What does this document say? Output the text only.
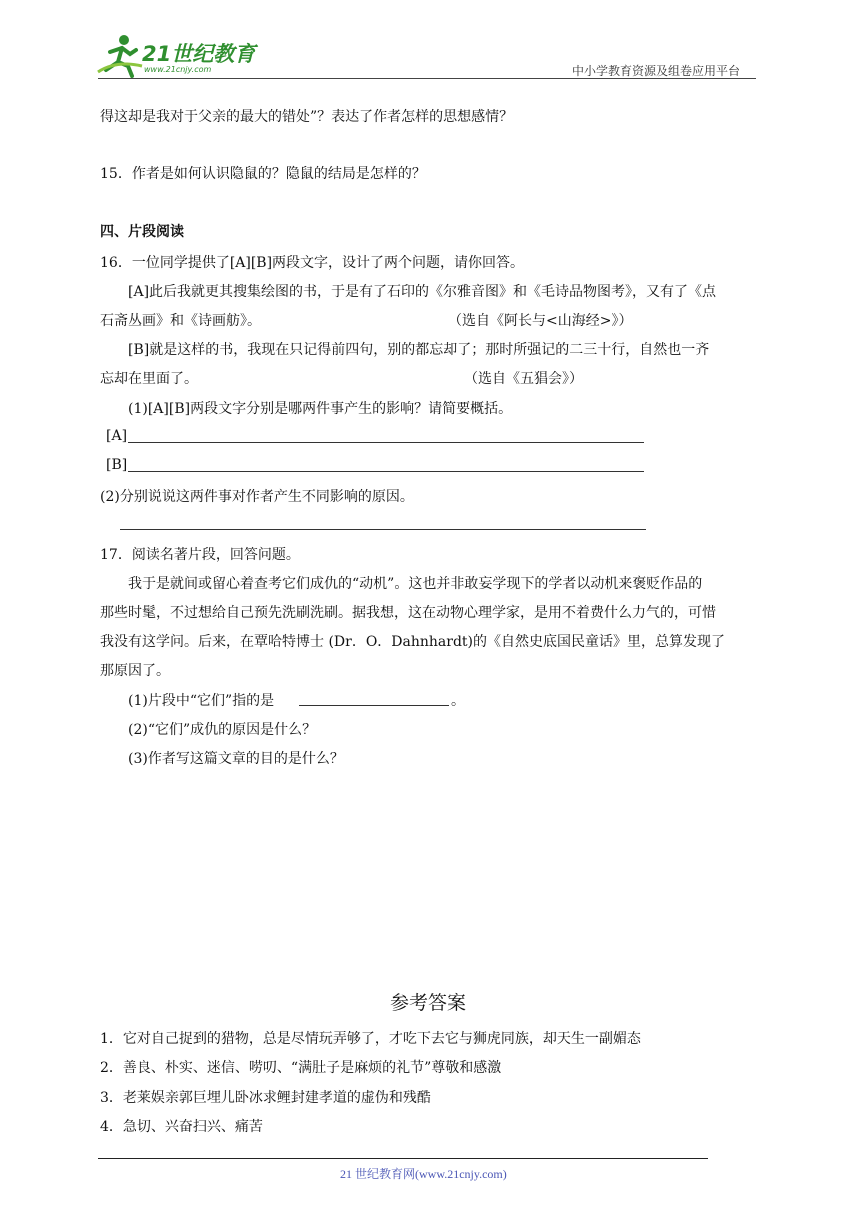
21世纪教育
www.21cnjy.com	中小学教育资源及组卷应用平台
得这却是我对于父亲的最大的错处”？表达了作者怎样的思想感情？
15．作者是如何认识隐鼠的？隐鼠的结局是怎样的？
四、片段阅读
16．一位同学提供了[A][B]两段文字，设计了两个问题，请你回答。
[A]此后我就更其搜集绘图的书，于是有了石印的《尔雅音图》和《毛诗品物图考》，又有了《点
石斋丛画》和《诗画舫》。	（选自《阿长与<山海经>》）
[B]就是这样的书，我现在只记得前四句，别的都忘却了；那时所强记的二三十行，自然也一齐
忘却在里面了。	（选自《五猖会》）
(1)[A][B]两段文字分别是哪两件事产生的影响？请简要概括。
[A]
[B]
(2)分别说说这两件事对作者产生不同影响的原因。
17．阅读名著片段，回答问题。
我于是就间或留心着查考它们成仇的“动机”。这也并非敢妄学现下的学者以动机来褒贬作品的
那些时髦，不过想给自己预先洗刷洗刷。据我想，这在动物心理学家，是用不着费什么力气的，可惜
我没有这学问。后来，在覃哈特博士 (Dr．O．Dahnhardt)的《自然史底国民童话》里，总算发现了
那原因了。
(1)片段中“它们”指的是	。
(2)“它们”成仇的原因是什么？
(3)作者写这篇文章的目的是什么？
参考答案
1．它对自己捉到的猎物，总是尽情玩弄够了，才吃下去它与狮虎同族，却天生一副媚态
2．善良、朴实、迷信、唠叨、“满肚子是麻烦的礼节”尊敬和感激
3．老莱娱亲郭巨埋儿卧冰求鲤封建孝道的虚伪和残酷
4．急切、兴奋扫兴、痛苦
21 世纪教育网(www.21cnjy.com)
